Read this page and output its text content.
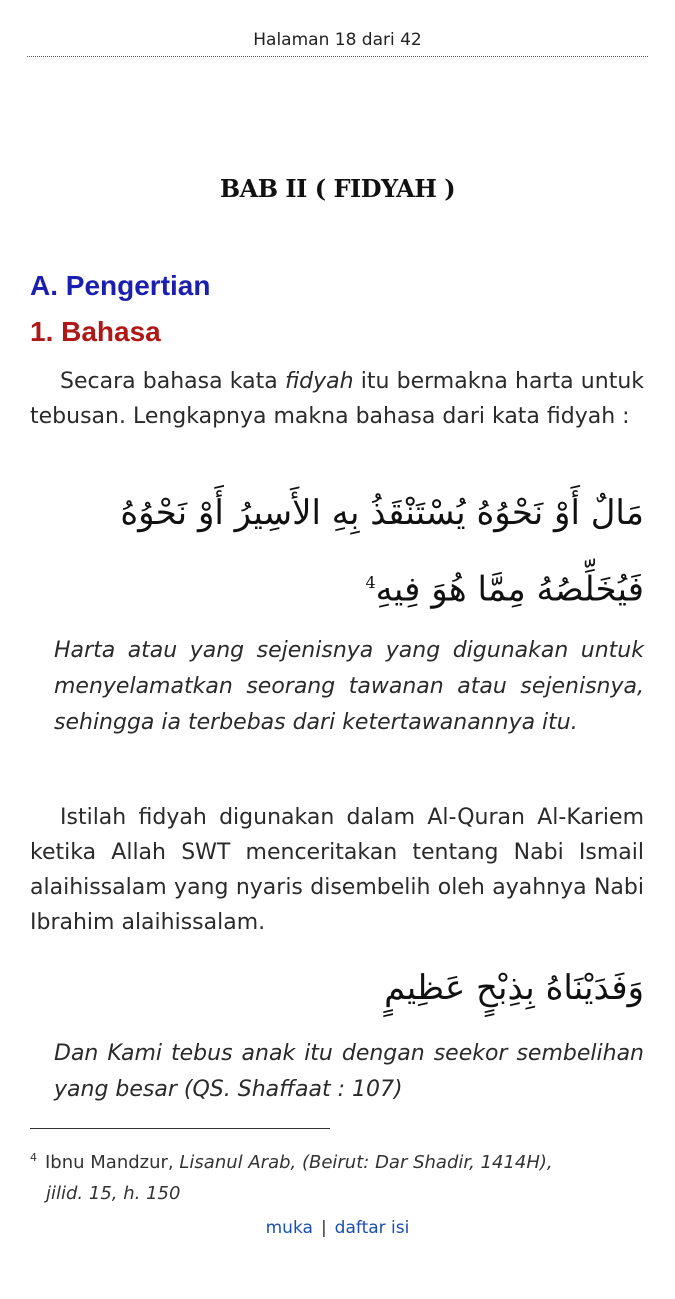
Halaman 18 dari 42
BAB II ( FIDYAH )
A. Pengertian
1. Bahasa
Secara bahasa kata fidyah itu bermakna harta untuk tebusan. Lengkapnya makna bahasa dari kata fidyah :
مَالٌ أَوْ نَحْوُهُ يُسْتَنْقَذُ بِهِ الأَسِيرُ أَوْ نَحْوُهُ فَيُخَلِّصُهُ مِمَّا هُوَ فِيهِ$^4$
Harta atau yang sejenisnya yang digunakan untuk menyelamatkan seorang tawanan atau sejenisnya, sehingga ia terbebas dari ketertawanannya itu.
Istilah fidyah digunakan dalam Al-Quran Al-Kariem ketika Allah SWT menceritakan tentang Nabi Ismail alaihissalam yang nyaris disembelih oleh ayahnya Nabi Ibrahim alaihissalam.
وَفَدَيْنَاهُ بِذِبْحٍ عَظِيمٍ
Dan Kami tebus anak itu dengan seekor sembelihan yang besar (QS. Shaffaat : 107)
$^4$ Ibnu Mandzur, Lisanul Arab, (Beirut: Dar Shadir, 1414H),
jilid. 15, h. 150
muka | daftar isi
